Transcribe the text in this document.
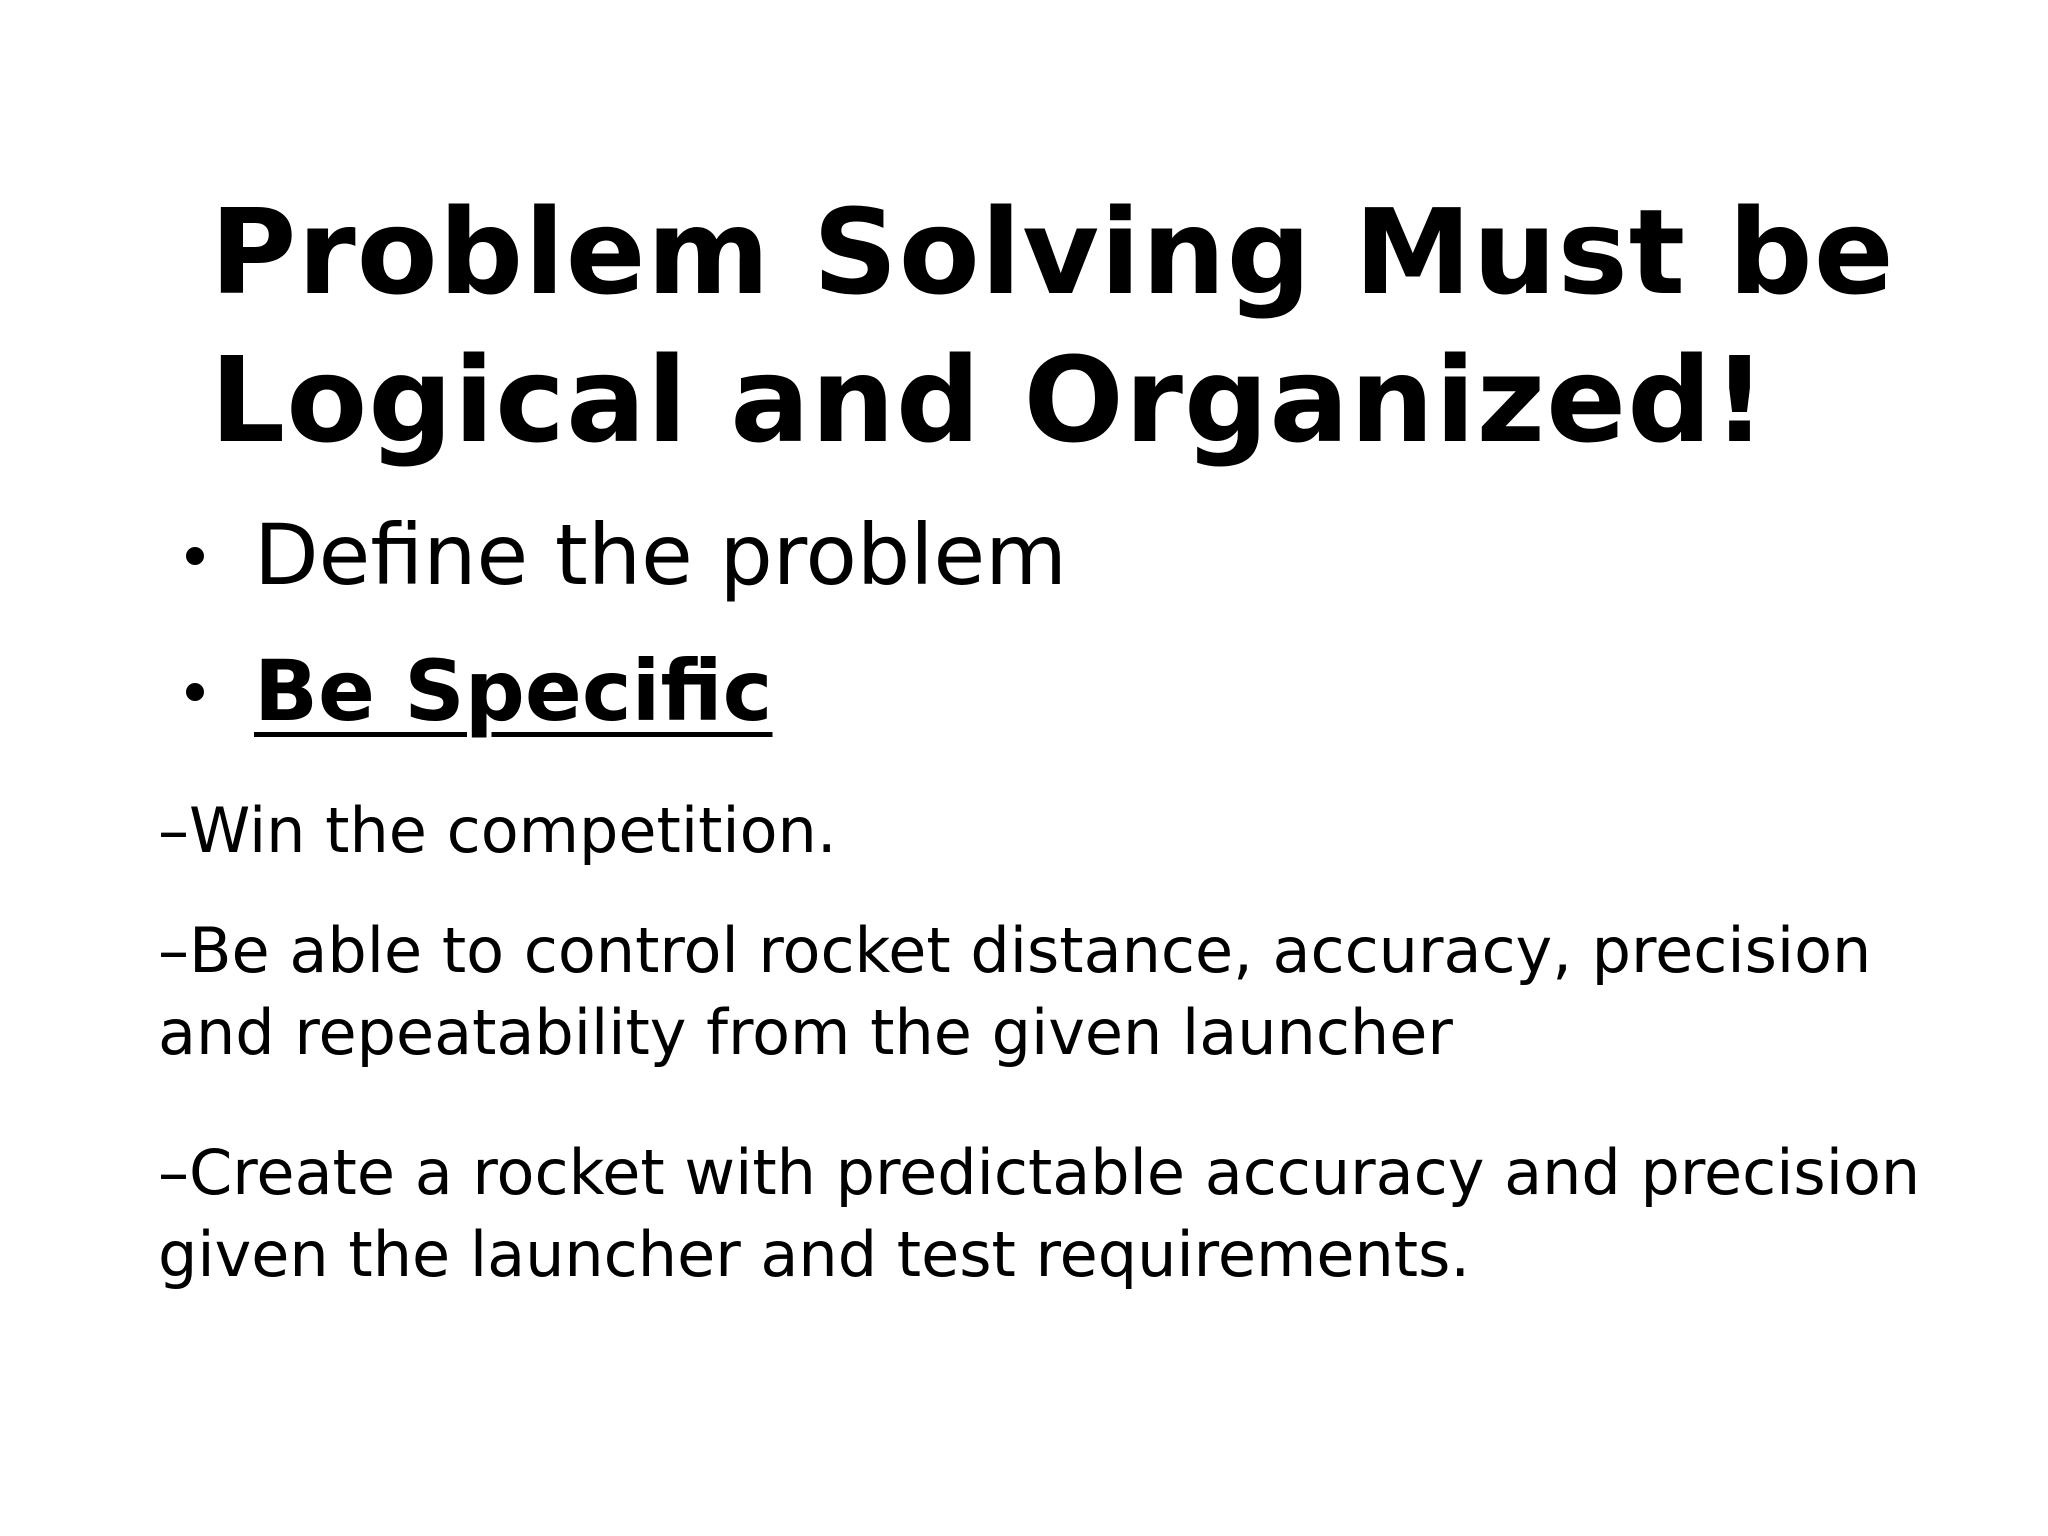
Problem Solving Must be
Logical and Organized!
Define the problem
Be Specific

–Win the competition.

–Be able to control rocket distance, accuracy, precision
and repeatability from the given launcher

–Create a rocket with predictable accuracy and precision
given the launcher and test requirements.
